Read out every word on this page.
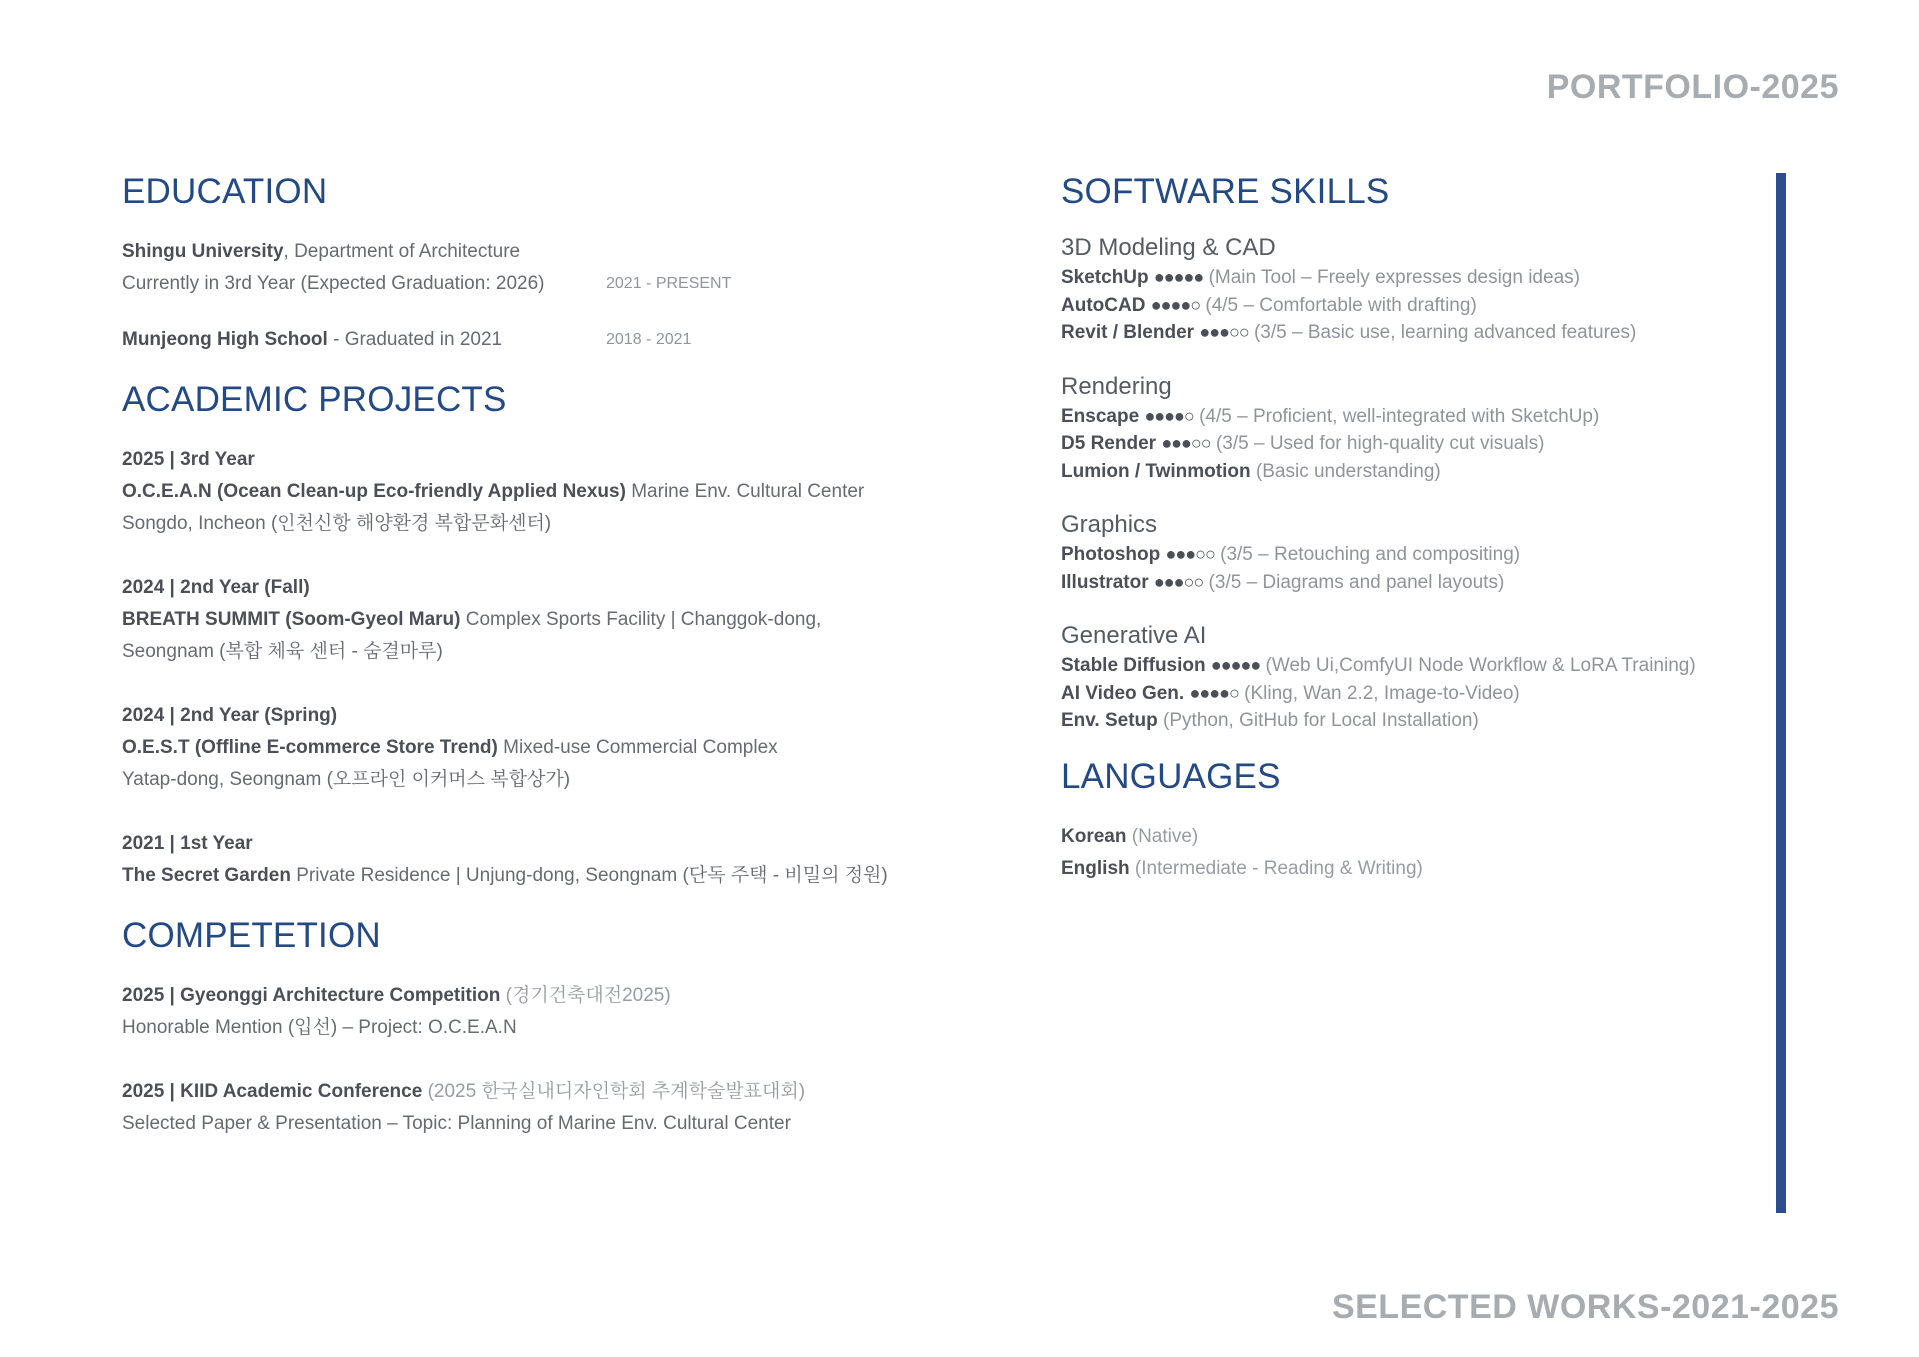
PORTFOLIO-2025
SELECTED WORKS-2021-2025
EDUCATION
Shingu University, Department of Architecture
Currently in 3rd Year (Expected Graduation: 2026)	2021 - PRESENT
Munjeong High School - Graduated in 2021	2018 - 2021
ACADEMIC PROJECTS
2025 | 3rd Year
O.C.E.A.N (Ocean Clean-up Eco-friendly Applied Nexus) Marine Env. Cultural Center
Songdo, Incheon (인천신항 해양환경 복합문화센터)
2024 | 2nd Year (Fall)
BREATH SUMMIT (Soom-Gyeol Maru) Complex Sports Facility | Changgok-dong,
Seongnam (복합 체육 센터 - 숨결마루)
2024 | 2nd Year (Spring)
O.E.S.T (Offline E-commerce Store Trend) Mixed-use Commercial Complex
Yatap-dong, Seongnam (오프라인 이커머스 복합상가)
2021 | 1st Year
The Secret Garden Private Residence | Unjung-dong, Seongnam (단독 주택 - 비밀의 정원)
COMPETETION
2025 | Gyeonggi Architecture Competition (경기건축대전2025)
Honorable Mention (입선) – Project: O.C.E.A.N
2025 | KIID Academic Conference (2025 한국실내디자인학회 추계학술발표대회)
Selected Paper & Presentation – Topic: Planning of Marine Env. Cultural Center
SOFTWARE SKILLS
3D Modeling & CAD
SketchUp ●●●●● (Main Tool – Freely expresses design ideas)
AutoCAD ●●●●○ (4/5 – Comfortable with drafting)
Revit / Blender ●●●○○ (3/5 – Basic use, learning advanced features)
Rendering
Enscape ●●●●○ (4/5 – Proficient, well-integrated with SketchUp)
D5 Render ●●●○○ (3/5 – Used for high-quality cut visuals)
Lumion / Twinmotion (Basic understanding)
Graphics
Photoshop ●●●○○ (3/5 – Retouching and compositing)
Illustrator ●●●○○ (3/5 – Diagrams and panel layouts)
Generative AI
Stable Diffusion ●●●●● (Web Ui,ComfyUI Node Workflow & LoRA Training)
AI Video Gen. ●●●●○ (Kling, Wan 2.2, Image-to-Video)
Env. Setup (Python, GitHub for Local Installation)
LANGUAGES
Korean (Native)
English (Intermediate - Reading & Writing)
